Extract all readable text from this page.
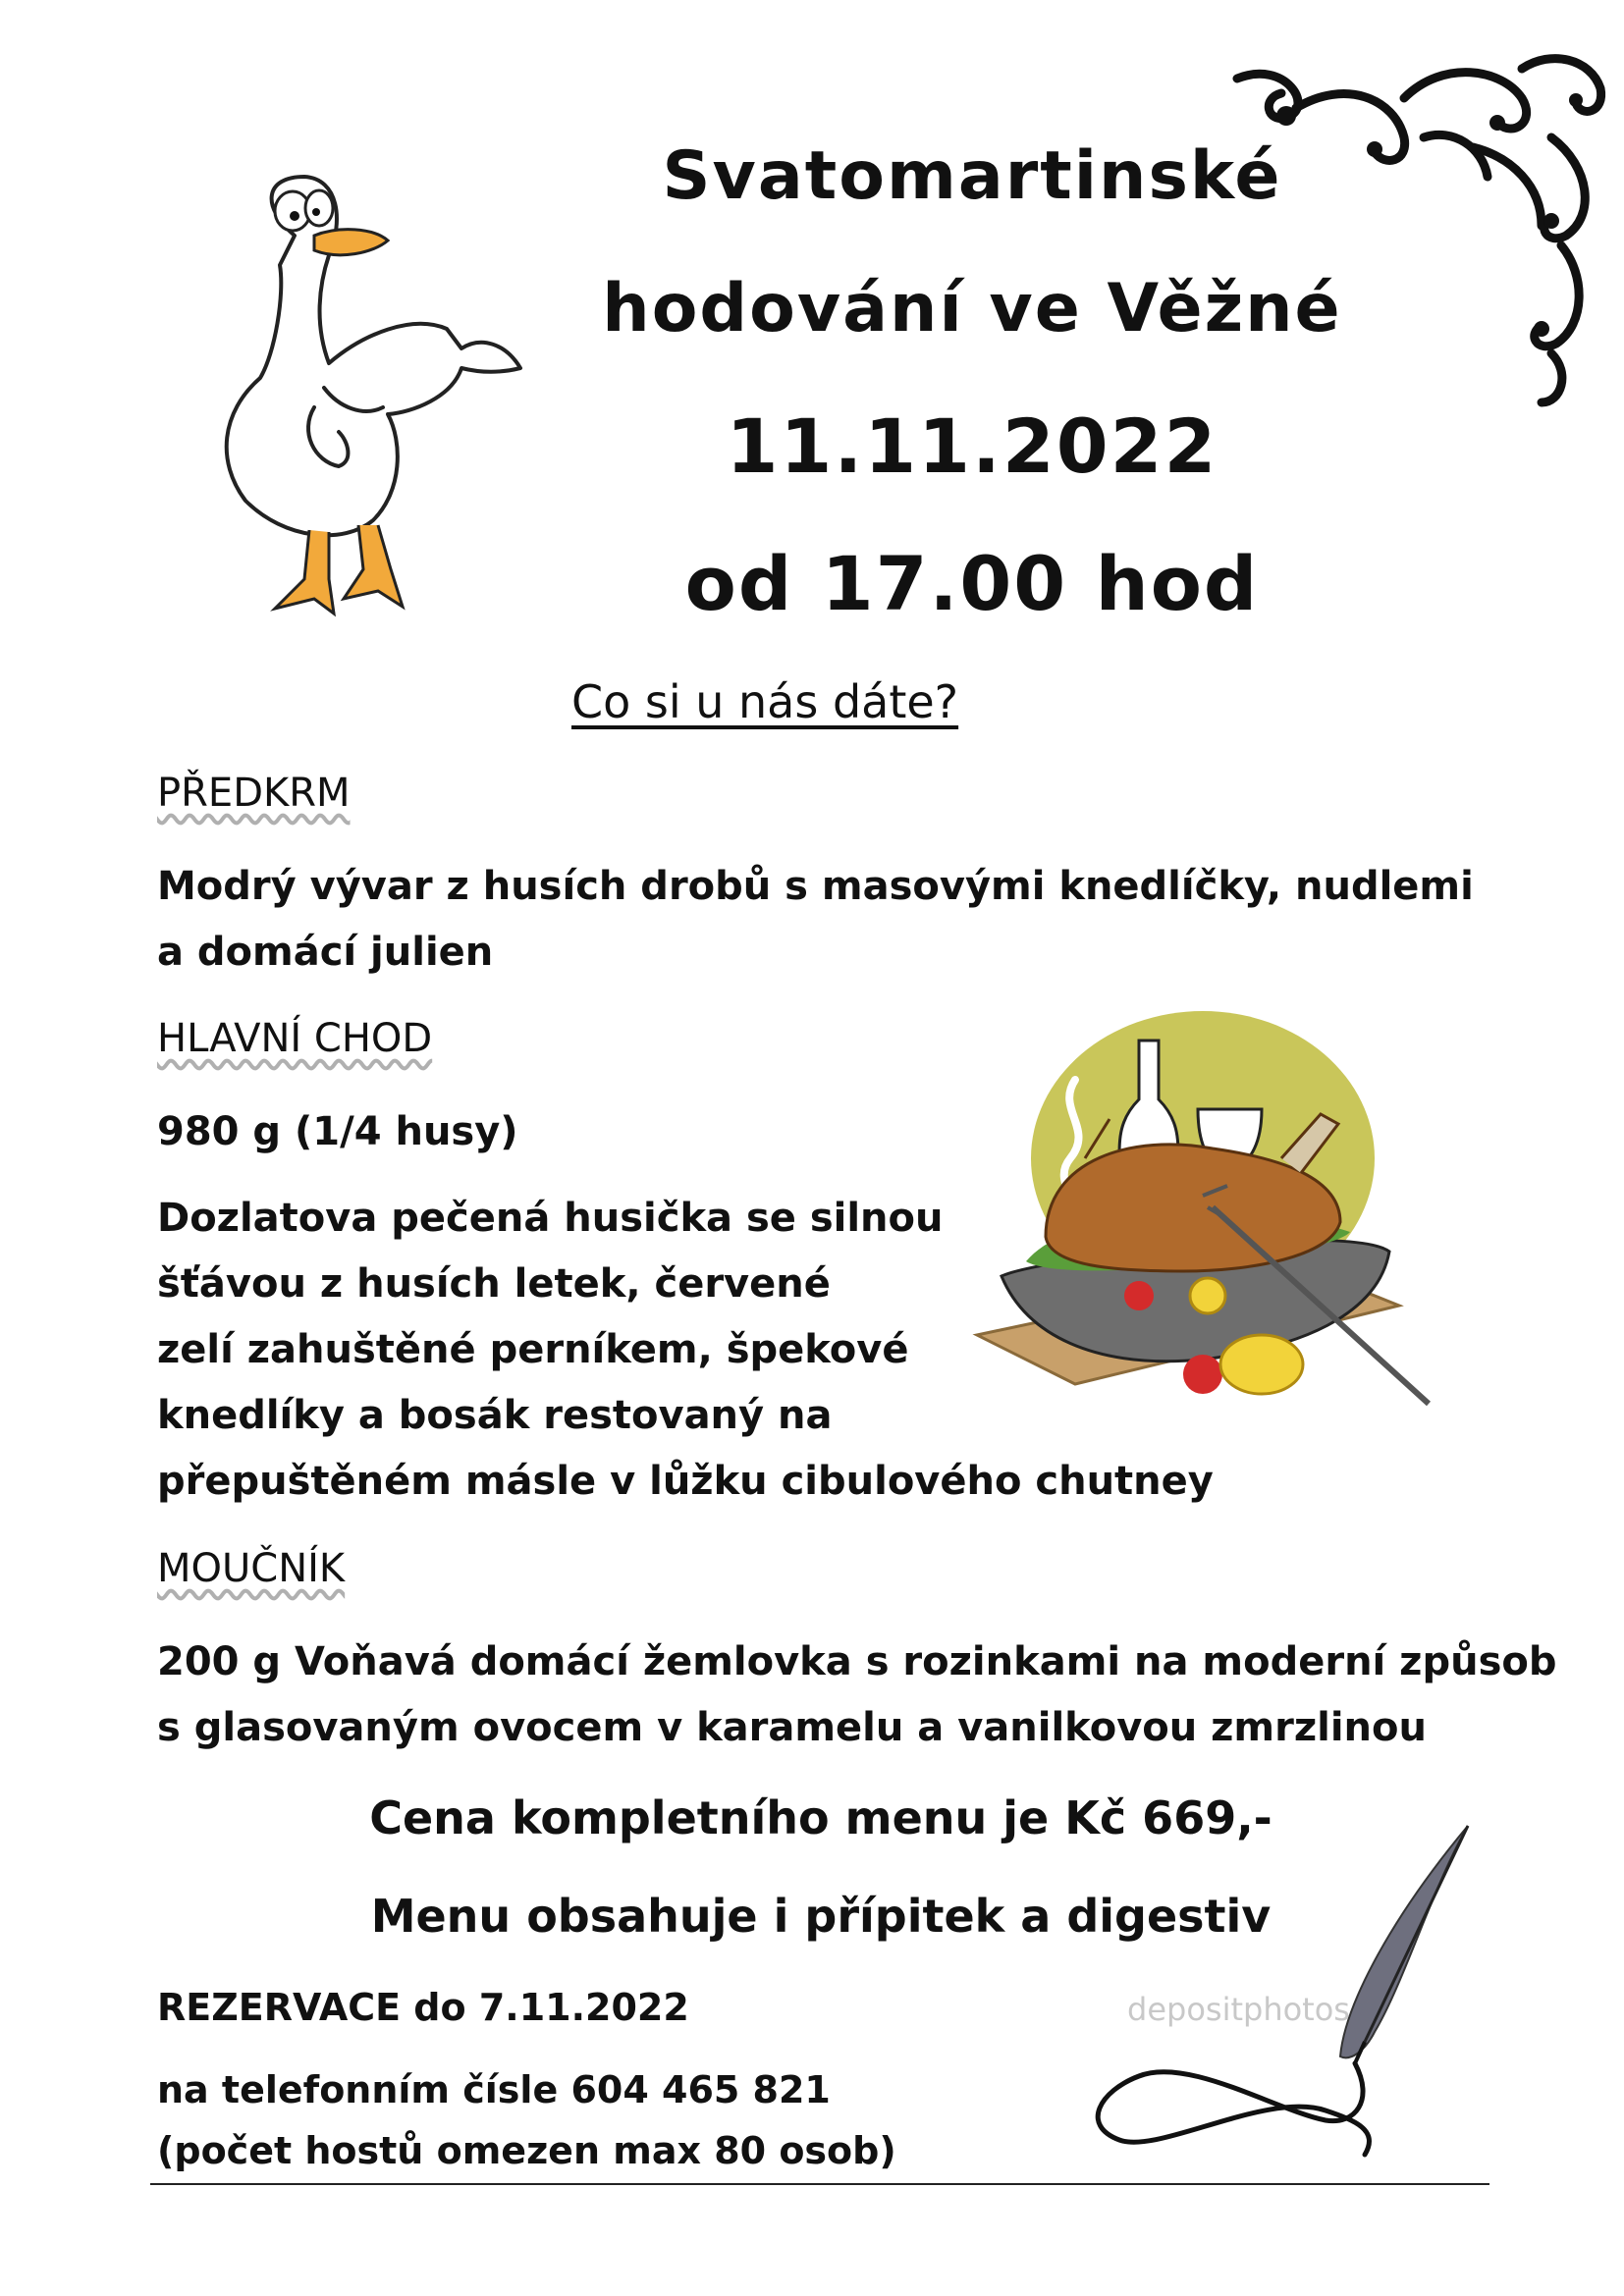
Svatomartinské
hodování ve Věžné
11.11.2022
od 17.00 hod
Co si u nás dáte?
PŘEDKRM
Modrý vývar z husích drobů s masovými knedlíčky, nudlemi
a domácí julien
HLAVNÍ CHOD
980 g (1/4 husy)
Dozlatova pečená husička se silnou
šťávou z husích letek, červené
zelí zahuštěné perníkem, špekové
knedlíky a bosák restovaný na
přepuštěném másle v lůžku cibulového chutney
MOUČNÍK
200 g Voňavá domácí žemlovka s rozinkami na moderní způsob
s glasovaným ovocem v karamelu a vanilkovou zmrzlinou
Cena kompletního menu je Kč 669,-
Menu obsahuje i přípitek a digestiv
depositphotos
REZERVACE do 7.11.2022
na telefonním čísle 604 465 821
(počet hostů omezen max 80 osob)
